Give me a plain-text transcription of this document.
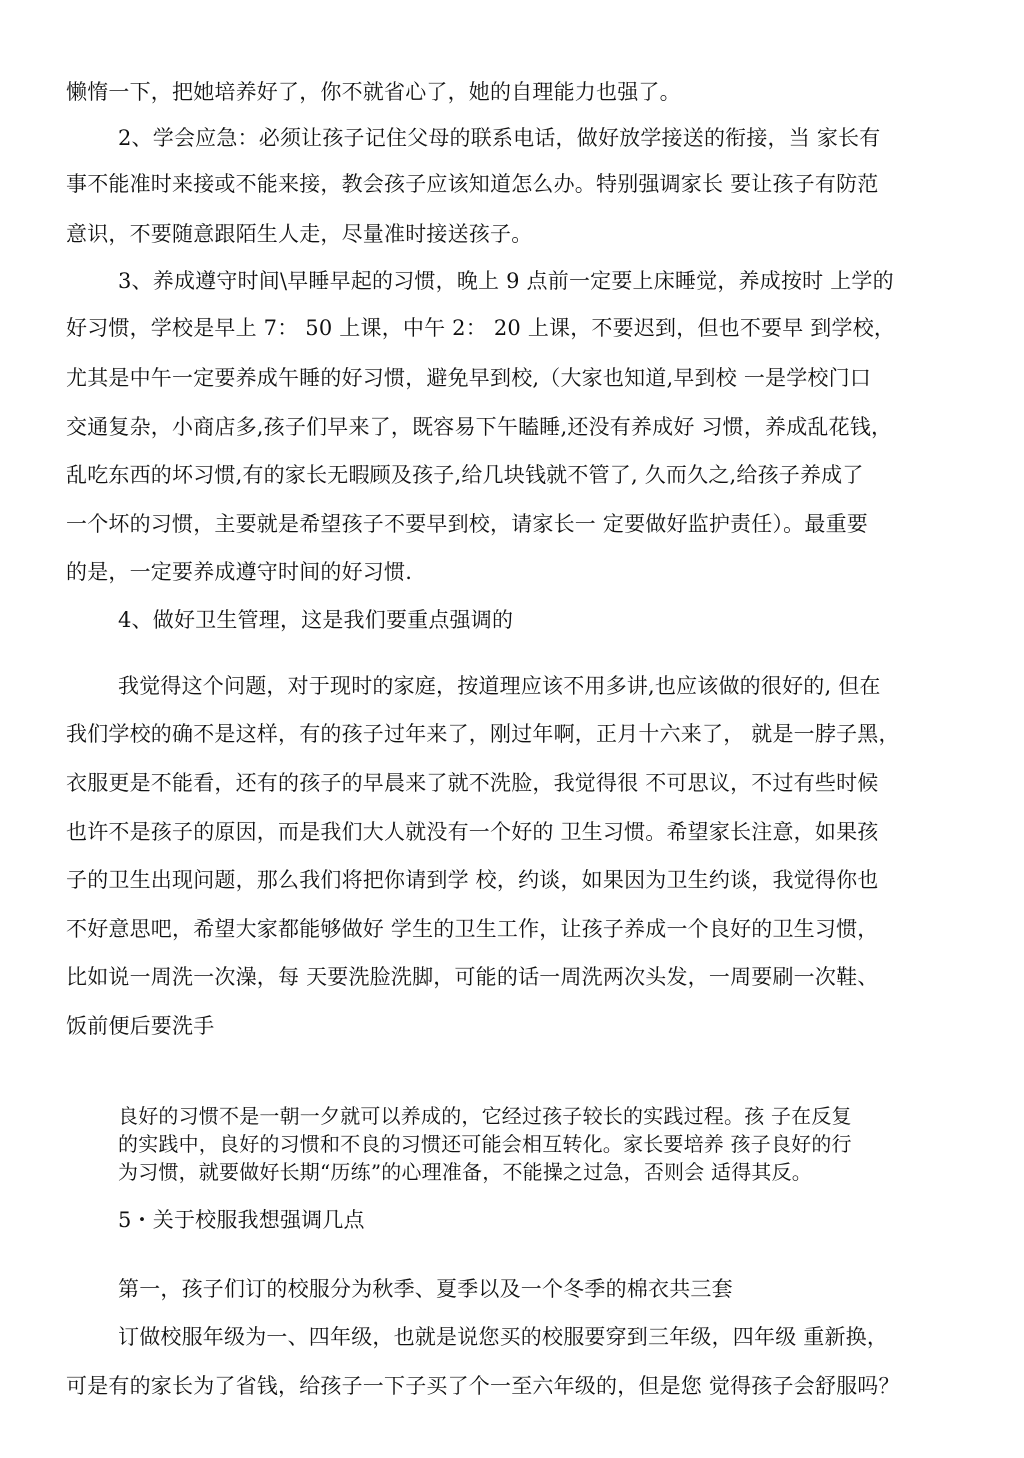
懒惰一下，把她培养好了，你不就省心了，她的自理能力也强了。
2、学会应急：必须让孩子记住父母的联系电话，做好放学接送的衔接，当 家长有
事不能准时来接或不能来接，教会孩子应该知道怎么办。特别强调家长 要让孩子有防范
意识，不要随意跟陌生人走，尽量准时接送孩子。
3、养成遵守时间\早睡早起的习惯，晚上 9 点前一定要上床睡觉，养成按时 上学的
好习惯，学校是早上 7： 50 上课，中午 2： 20 上课，不要迟到，但也不要早 到学校，
尤其是中午一定要养成午睡的好习惯，避免早到校,（大家也知道,早到校 一是学校门口
交通复杂，小商店多,孩子们早来了，既容易下午瞌睡,还没有养成好 习惯，养成乱花钱，
乱吃东西的坏习惯,有的家长无暇顾及孩子,给几块钱就不管了, 久而久之,给孩子养成了
一个坏的习惯，主要就是希望孩子不要早到校，请家长一 定要做好监护责任）。最重要
的是，一定要养成遵守时间的好习惯.
4、做好卫生管理，这是我们要重点强调的
我觉得这个问题，对于现时的家庭，按道理应该不用多讲,也应该做的很好的, 但在
我们学校的确不是这样，有的孩子过年来了，刚过年啊，正月十六来了， 就是一脖子黑，
衣服更是不能看，还有的孩子的早晨来了就不洗脸，我觉得很 不可思议，不过有些时候
也许不是孩子的原因，而是我们大人就没有一个好的 卫生习惯。希望家长注意，如果孩
子的卫生出现问题，那么我们将把你请到学 校，约谈，如果因为卫生约谈，我觉得你也
不好意思吧，希望大家都能够做好 学生的卫生工作，让孩子养成一个良好的卫生习惯，
比如说一周洗一次澡，每 天要洗脸洗脚，可能的话一周洗两次头发，一周要刷一次鞋、
饭前便后要洗手
良好的习惯不是一朝一夕就可以养成的，它经过孩子较长的实践过程。孩 子在反复
的实践中，良好的习惯和不良的习惯还可能会相互转化。家长要培养 孩子良好的行
为习惯，就要做好长期“历练”的心理准备，不能操之过急，否则会 适得其反。
5・关于校服我想强调几点
第一，孩子们订的校服分为秋季、夏季以及一个冬季的棉衣共三套
订做校服年级为一、四年级，也就是说您买的校服要穿到三年级，四年级 重新换，
可是有的家长为了省钱，给孩子一下子买了个一至六年级的，但是您 觉得孩子会舒服吗？
